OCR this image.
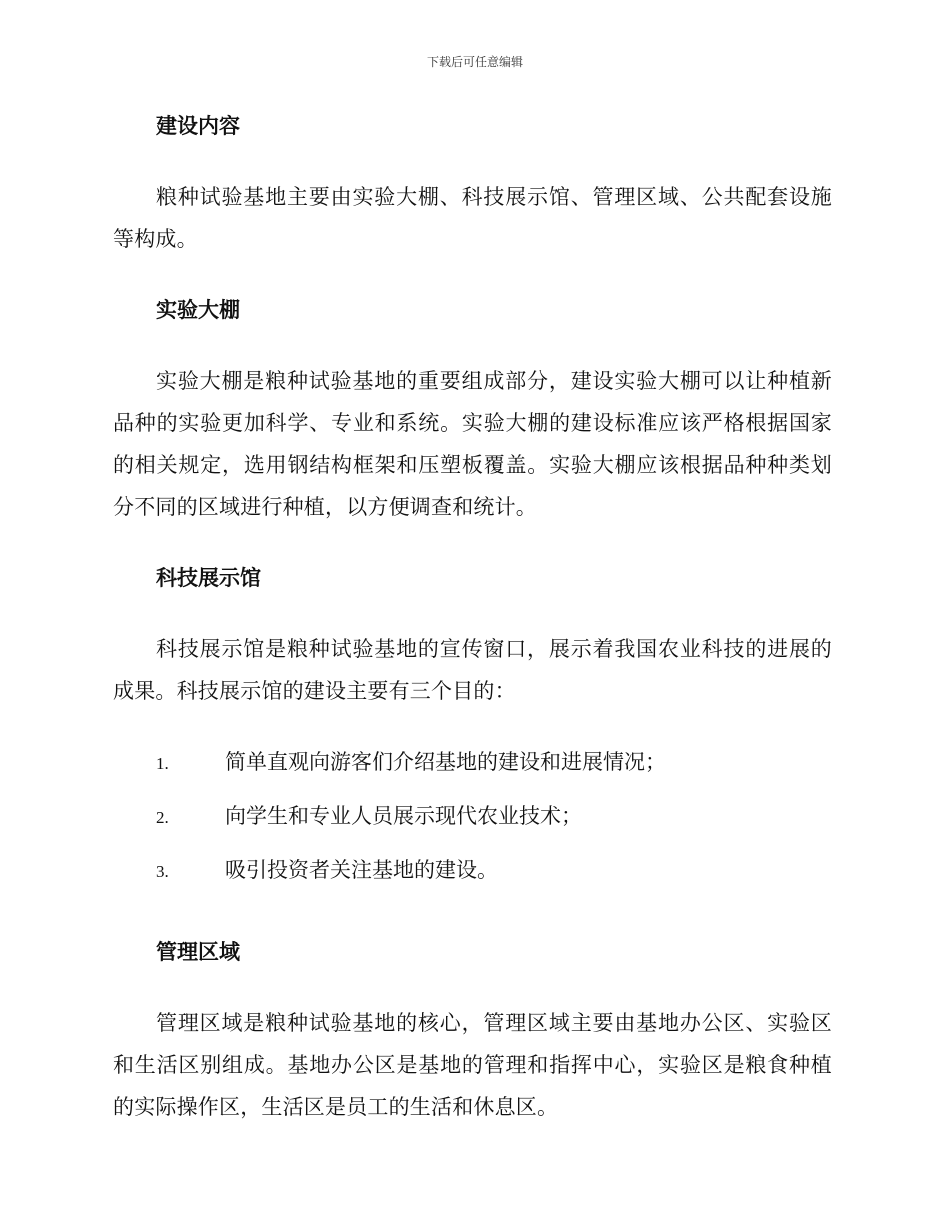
下载后可任意编辑
建设内容

粮种试验基地主要由实验大棚、科技展示馆、管理区域、公共配套设施等构成。

实验大棚

实验大棚是粮种试验基地的重要组成部分，建设实验大棚可以让种植新品种的实验更加科学、专业和系统。实验大棚的建设标准应该严格根据国家的相关规定，选用钢结构框架和压塑板覆盖。实验大棚应该根据品种种类划分不同的区域进行种植，以方便调查和统计。

科技展示馆

科技展示馆是粮种试验基地的宣传窗口，展示着我国农业科技的进展的成果。科技展示馆的建设主要有三个目的：

1.	简单直观向游客们介绍基地的建设和进展情况；
2.	向学生和专业人员展示现代农业技术；
3.	吸引投资者关注基地的建设。
管理区域

管理区域是粮种试验基地的核心，管理区域主要由基地办公区、实验区和生活区别组成。基地办公区是基地的管理和指挥中心，实验区是粮食种植的实际操作区，生活区是员工的生活和休息区。
